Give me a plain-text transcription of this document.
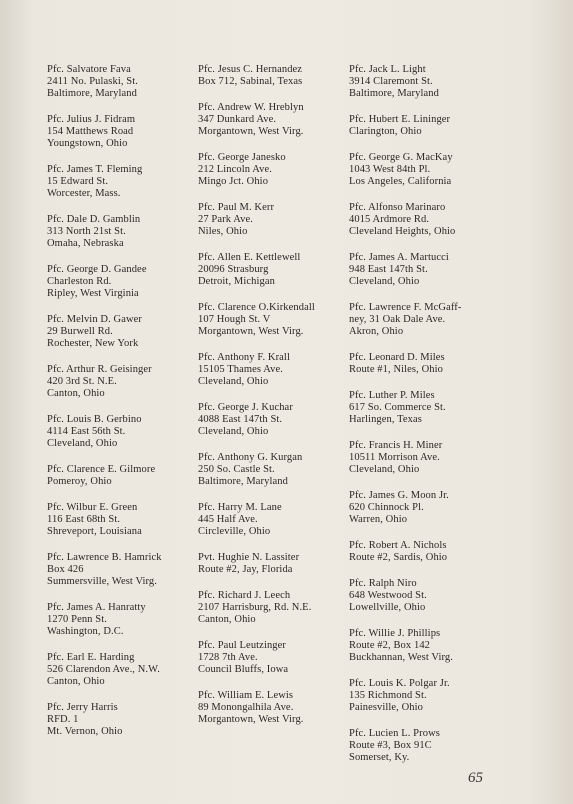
Pfc. Salvatore Fava
2411 No. Pulaski, St.
Baltimore, Maryland
Pfc. Julius J. Fidram
154 Matthews Road
Youngstown, Ohio
Pfc. James T. Fleming
15 Edward St.
Worcester, Mass.
Pfc. Dale D. Gamblin
313 North 21st St.
Omaha, Nebraska
Pfc. George D. Gandee
Charleston Rd.
Ripley, West Virginia
Pfc. Melvin D. Gawer
29 Burwell Rd.
Rochester, New York
Pfc. Arthur R. Geisinger
420 3rd St. N.E.
Canton, Ohio
Pfc. Louis B. Gerbino
4114 East 56th St.
Cleveland, Ohio
Pfc. Clarence E. Gilmore
Pomeroy, Ohio
Pfc. Wilbur E. Green
116 East 68th St.
Shreveport, Louisiana
Pfc. Lawrence B. Hamrick
Box 426
Summersville, West Virg.
Pfc. James A. Hanratty
1270 Penn St.
Washington, D.C.
Pfc. Earl E. Harding
526 Clarendon Ave., N.W.
Canton, Ohio
Pfc. Jerry Harris
RFD. 1
Mt. Vernon, Ohio
Pfc. Jesus C. Hernandez
Box 712, Sabinal, Texas
Pfc. Andrew W. Hreblyn
347 Dunkard Ave.
Morgantown, West Virg.
Pfc. George Janesko
212 Lincoln Ave.
Mingo Jct. Ohio
Pfc. Paul M. Kerr
27 Park Ave.
Niles, Ohio
Pfc. Allen E. Kettlewell
20096 Strasburg
Detroit, Michigan
Pfc. Clarence O.Kirkendall
107 Hough St. V
Morgantown, West Virg.
Pfc. Anthony F. Krall
15105 Thames Ave.
Cleveland, Ohio
Pfc. George J. Kuchar
4088 East 147th St.
Cleveland, Ohio
Pfc. Anthony G. Kurgan
250 So. Castle St.
Baltimore, Maryland
Pfc. Harry M. Lane
445 Half Ave.
Circleville, Ohio
Pvt. Hughie N. Lassiter
Route #2, Jay, Florida
Pfc. Richard J. Leech
2107 Harrisburg, Rd. N.E.
Canton, Ohio
Pfc. Paul Leutzinger
1728 7th Ave.
Council Bluffs, Iowa
Pfc. William E. Lewis
89 Monongalhila Ave.
Morgantown, West Virg.
Pfc. Jack L. Light
3914 Claremont St.
Baltimore, Maryland
Pfc. Hubert E. Lininger
Clarington, Ohio
Pfc. George G. MacKay
1043 West 84th Pl.
Los Angeles, California
Pfc. Alfonso Marinaro
4015 Ardmore Rd.
Cleveland Heights, Ohio
Pfc. James A. Martucci
948 East 147th St.
Cleveland, Ohio
Pfc. Lawrence F. McGaff-
ney, 31 Oak Dale Ave.
Akron, Ohio
Pfc. Leonard D. Miles
Route #1, Niles, Ohio
Pfc. Luther P. Miles
617 So. Commerce St.
Harlingen, Texas
Pfc. Francis H. Miner
10511 Morrison Ave.
Cleveland, Ohio
Pfc. James G. Moon Jr.
620 Chinnock Pl.
Warren, Ohio
Pfc. Robert A. Nichols
Route #2, Sardis, Ohio
Pfc. Ralph Niro
648 Westwood St.
Lowellville, Ohio
Pfc. Willie J. Phillips
Route #2, Box 142
Buckhannan, West Virg.
Pfc. Louis K. Polgar Jr.
135 Richmond St.
Painesville, Ohio
Pfc. Lucien L. Prows
Route #3, Box 91C
Somerset, Ky.
65
